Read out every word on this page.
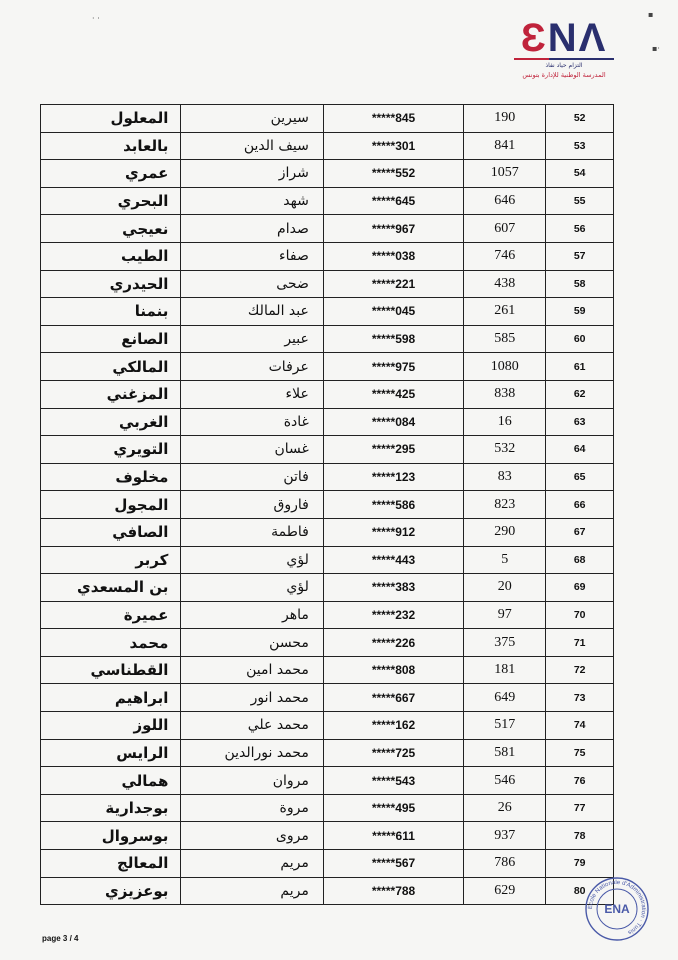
· ·	▪
▪·
ƐNΛ
التزام حياد نفاذ
المدرسة الوطنية للإدارة بتونس
المعلول	سيرين	*****845	190	52
بالعابد	سيف الدين	*****301	841	53
عمري	شراز	*****552	1057	54
البحري	شهد	*****645	646	55
نعيجي	صدام	*****967	607	56
الطيب	صفاء	*****038	746	57
الحيدري	ضحى	*****221	438	58
بنمنا	عبد المالك	*****045	261	59
الصانع	عبير	*****598	585	60
المالكي	عرفات	*****975	1080	61
المزغني	علاء	*****425	838	62
الغربي	غادة	*****084	16	63
التويري	غسان	*****295	532	64
مخلوف	فاتن	*****123	83	65
المجول	فاروق	*****586	823	66
الصافي	فاطمة	*****912	290	67
كربر	لؤي	*****443	5	68
بن المسعدي	لؤي	*****383	20	69
عميرة	ماهر	*****232	97	70
محمد	محسن	*****226	375	71
القطناسي	محمد امين	*****808	181	72
ابراهيم	محمد انور	*****667	649	73
اللوز	محمد علي	*****162	517	74
الرايس	محمد نورالدين	*****725	581	75
همالي	مروان	*****543	546	76
بوجدارية	مروة	*****495	26	77
بوسروال	مروى	*****611	937	78
المعالج	مريم	*****567	786	79
بوعزيزي	مريم	*****788	629	80
page 3 / 4
Ecole Nationale d'Administration · Tunis
ENA
